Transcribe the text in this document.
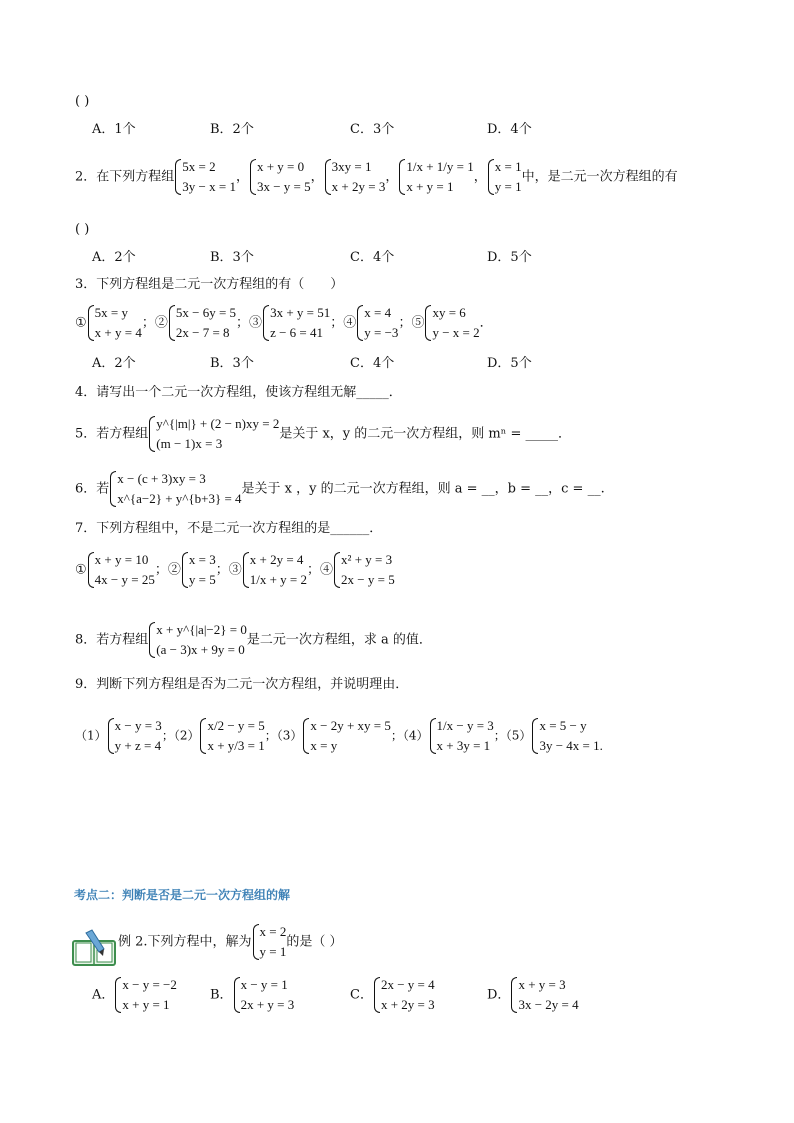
( )
A．1个	B．2个	C．3个	D．4个
2．在下列方程组
5x = 2
3y − x = 1
，
x + y = 0
3x − y = 5
，
3xy = 1
x + 2y = 3
，
1/x + 1/y = 1
x + y = 1
，
x = 1
y = 1
中，是二元一次方程组的有
( )
A．2个	B．3个	C．4个	D．5个
3．下列方程组是二元一次方程组的有（　　）
①
5x = y
x + y = 4
；②
5x − 6y = 5
2x − 7 = 8
；③
3x + y = 51
z − 6 = 41
；④
x = 4
y = −3
；⑤
xy = 6
y − x = 2
．
A．2个	B．3个	C．4个	D．5个
4．请写出一个二元一次方程组，使该方程组无解_____．
5．若方程组
y^{|m|} + (2 − n)xy = 2
(m − 1)x = 3
是关于 x，y 的二元一次方程组，则 mⁿ = _____．
6．若
x − (c + 3)xy = 3
x^{a−2} + y^{b+3} = 4
是关于 x ，y 的二元一次方程组，则 a = __，b = __，c = __.
7．下列方程组中，不是二元一次方程组的是______．
①
x + y = 10
4x − y = 25
；②
x = 3
y = 5
；③
x + 2y = 4
1/x + y = 2
；④
x² + y = 3
2x − y = 5
8．若方程组
x + y^{|a|−2} = 0
(a − 3)x + 9y = 0
是二元一次方程组，求 a 的值．
9．判断下列方程组是否为二元一次方程组，并说明理由．
（1）
x − y = 3
y + z = 4
；（2）
x/2 − y = 5
x + y/3 = 1
；（3）
x − 2y + xy = 5
x = y
；（4）
1/x − y = 3
x + 3y = 1
；（5）
x = 5 − y
3y − 4x = 1.
考点二：判断是否是二元一次方程组的解
例 2.下列方程中，解为
x = 2
y = 1
的是（ ）
A．
x − y = −2
x + y = 1
B．
x − y = 1
2x + y = 3
C．
2x − y = 4
x + 2y = 3
D．
x + y = 3
3x − 2y = 4
